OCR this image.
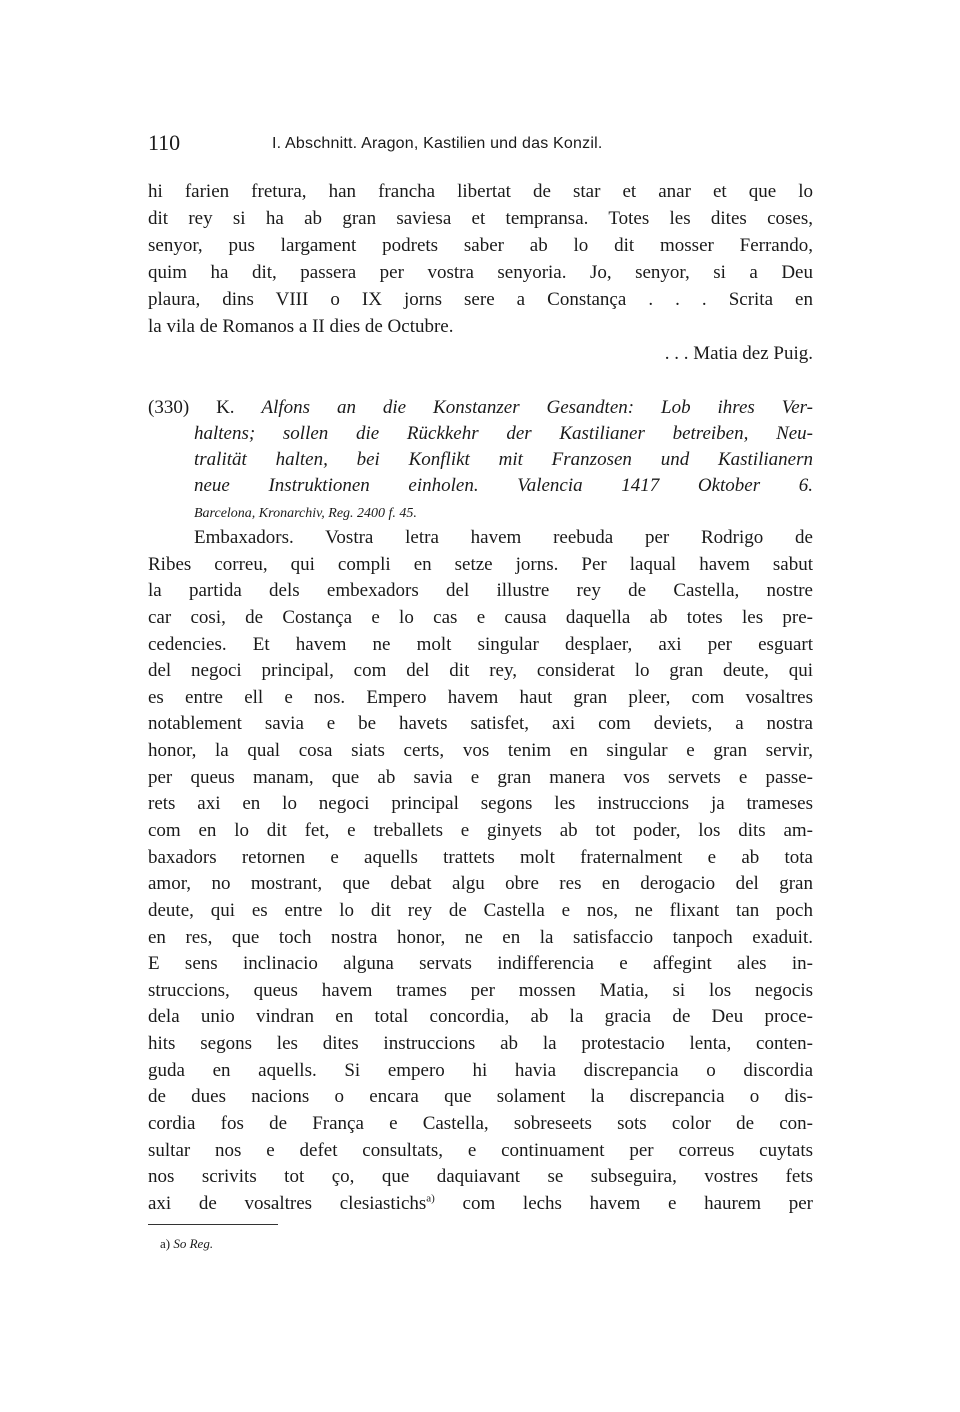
110	I. Abschnitt. Aragon, Kastilien und das Konzil.
hi farien fretura, han francha libertat de star et anar et que lo
dit rey si ha ab gran saviesa et tempransa. Totes les dites coses,
senyor, pus largament podrets saber ab lo dit mosser Ferrando,
quim ha dit, passera per vostra senyoria. Jo, senyor, si a Deu
plaura, dins VIII o IX jorns sere a Constança . . . Scrita en
la vila de Romanos a II dies de Octubre.
. . . Matia dez Puig.
(330) K. Alfons an die Konstanzer Gesandten: Lob ihres Ver-
haltens; sollen die Rückkehr der Kastilianer betreiben, Neu-
tralität halten, bei Konflikt mit Franzosen und Kastilianern
neue Instruktionen einholen. Valencia 1417 Oktober 6.
Barcelona, Kronarchiv, Reg. 2400 f. 45.
Embaxadors. Vostra letra havem reebuda per Rodrigo de
Ribes correu, qui compli en setze jorns. Per laqual havem sabut
la partida dels embexadors del illustre rey de Castella, nostre
car cosi, de Costança e lo cas e causa daquella ab totes les pre-
cedencies. Et havem ne molt singular desplaer, axi per esguart
del negoci principal, com del dit rey, considerat lo gran deute, qui
es entre ell e nos. Empero havem haut gran pleer, com vosaltres
notablement savia e be havets satisfet, axi com deviets, a nostra
honor, la qual cosa siats certs, vos tenim en singular e gran servir,
per queus manam, que ab savia e gran manera vos servets e passe-
rets axi en lo negoci principal segons les instruccions ja trameses
com en lo dit fet, e treballets e ginyets ab tot poder, los dits am-
baxadors retornen e aquells trattets molt fraternalment e ab tota
amor, no mostrant, que debat algu obre res en derogacio del gran
deute, qui es entre lo dit rey de Castella e nos, ne flixant tan poch
en res, que toch nostra honor, ne en la satisfaccio tanpoch exaduit.
E sens inclinacio alguna servats indifferencia e affegint ales in-
struccions, queus havem trames per mossen Matia, si los negocis
dela unio vindran en total concordia, ab la gracia de Deu proce-
hits segons les dites instruccions ab la protestacio lenta, conten-
guda en aquells. Si empero hi havia discrepancia o discordia
de dues nacions o encara que solament la discrepancia o dis-
cordia fos de França e Castella, sobreseets sots color de con-
sultar nos e defet consultats, e continuament per correus cuytats
nos scrivits tot ço, que daquiavant se subseguira, vostres fets
axi de vosaltres clesiastichs$^{a)}$ com lechs havem e haurem per
a) So Reg.
